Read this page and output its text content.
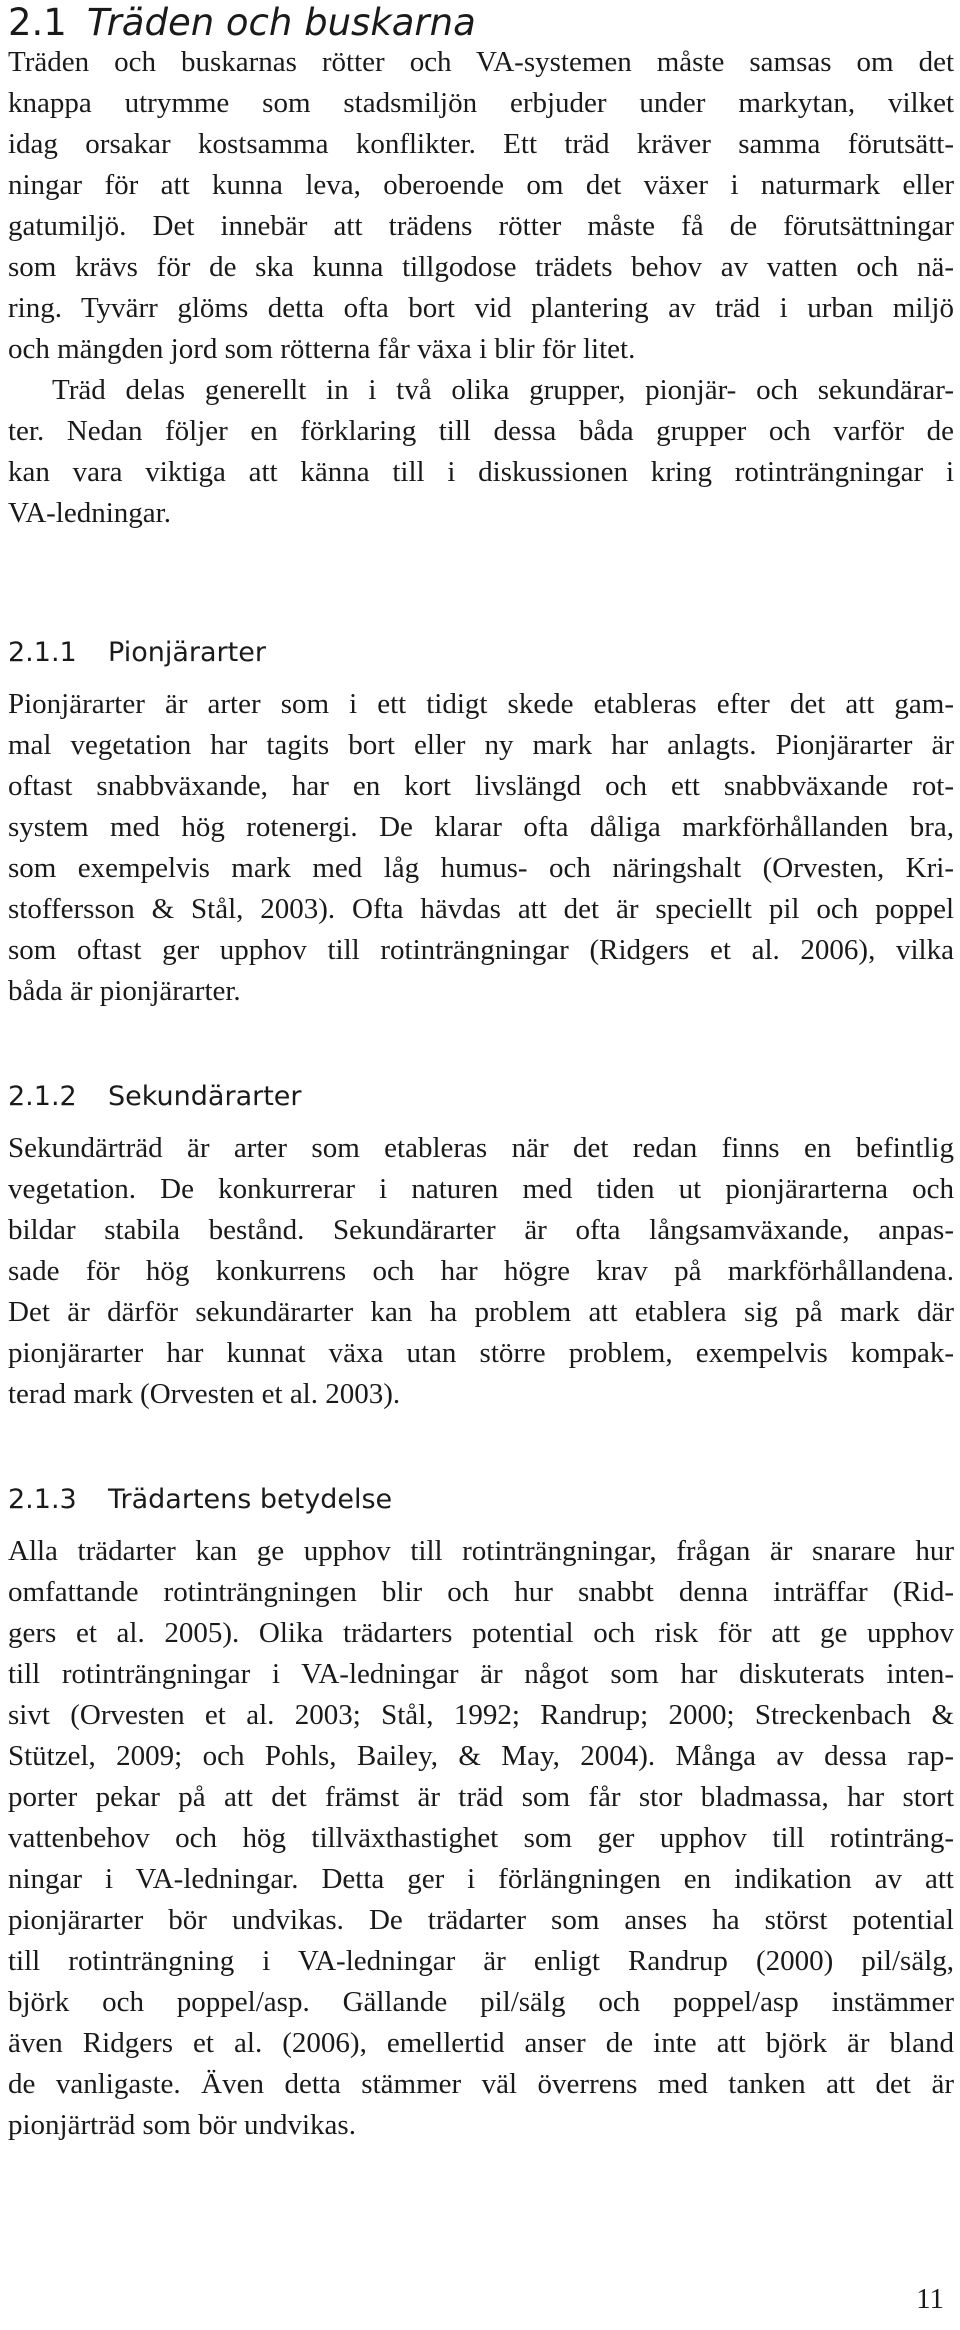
2.1 Träden och buskarna
Träden och buskarnas rötter och VA-systemen måste samsas om det
knappa utrymme som stadsmiljön erbjuder under markytan, vilket
idag orsakar kostsamma konflikter. Ett träd kräver samma förutsätt-
ningar för att kunna leva, oberoende om det växer i naturmark eller
gatumiljö. Det innebär att trädens rötter måste få de förutsättningar
som krävs för de ska kunna tillgodose trädets behov av vatten och nä-
ring. Tyvärr glöms detta ofta bort vid plantering av träd i urban miljö
och mängden jord som rötterna får växa i blir för litet.
Träd delas generellt in i två olika grupper, pionjär- och sekundärar-
ter. Nedan följer en förklaring till dessa båda grupper och varför de
kan vara viktiga att känna till i diskussionen kring rotinträngningar i
VA-ledningar.
2.1.1 Pionjärarter
Pionjärarter är arter som i ett tidigt skede etableras efter det att gam-
mal vegetation har tagits bort eller ny mark har anlagts. Pionjärarter är
oftast snabbväxande, har en kort livslängd och ett snabbväxande rot-
system med hög rotenergi. De klarar ofta dåliga markförhållanden bra,
som exempelvis mark med låg humus- och näringshalt (Orvesten, Kri-
stoffersson & Stål, 2003). Ofta hävdas att det är speciellt pil och poppel
som oftast ger upphov till rotinträngningar (Ridgers et al. 2006), vilka
båda är pionjärarter.
2.1.2 Sekundärarter
Sekundärträd är arter som etableras när det redan finns en befintlig
vegetation. De konkurrerar i naturen med tiden ut pionjärarterna och
bildar stabila bestånd. Sekundärarter är ofta långsamväxande, anpas-
sade för hög konkurrens och har högre krav på markförhållandena.
Det är därför sekundärarter kan ha problem att etablera sig på mark där
pionjärarter har kunnat växa utan större problem, exempelvis kompak-
terad mark (Orvesten et al. 2003).
2.1.3 Trädartens betydelse
Alla trädarter kan ge upphov till rotinträngningar, frågan är snarare hur
omfattande rotinträngningen blir och hur snabbt denna inträffar (Rid-
gers et al. 2005). Olika trädarters potential och risk för att ge upphov
till rotinträngningar i VA-ledningar är något som har diskuterats inten-
sivt (Orvesten et al. 2003; Stål, 1992; Randrup; 2000; Streckenbach &
Stützel, 2009; och Pohls, Bailey, & May, 2004). Många av dessa rap-
porter pekar på att det främst är träd som får stor bladmassa, har stort
vattenbehov och hög tillväxthastighet som ger upphov till rotinträng-
ningar i VA-ledningar. Detta ger i förlängningen en indikation av att
pionjärarter bör undvikas. De trädarter som anses ha störst potential
till rotinträngning i VA-ledningar är enligt Randrup (2000) pil/sälg,
björk och poppel/asp. Gällande pil/sälg och poppel/asp instämmer
även Ridgers et al. (2006), emellertid anser de inte att björk är bland
de vanligaste. Även detta stämmer väl överrens med tanken att det är
pionjärträd som bör undvikas.
11
